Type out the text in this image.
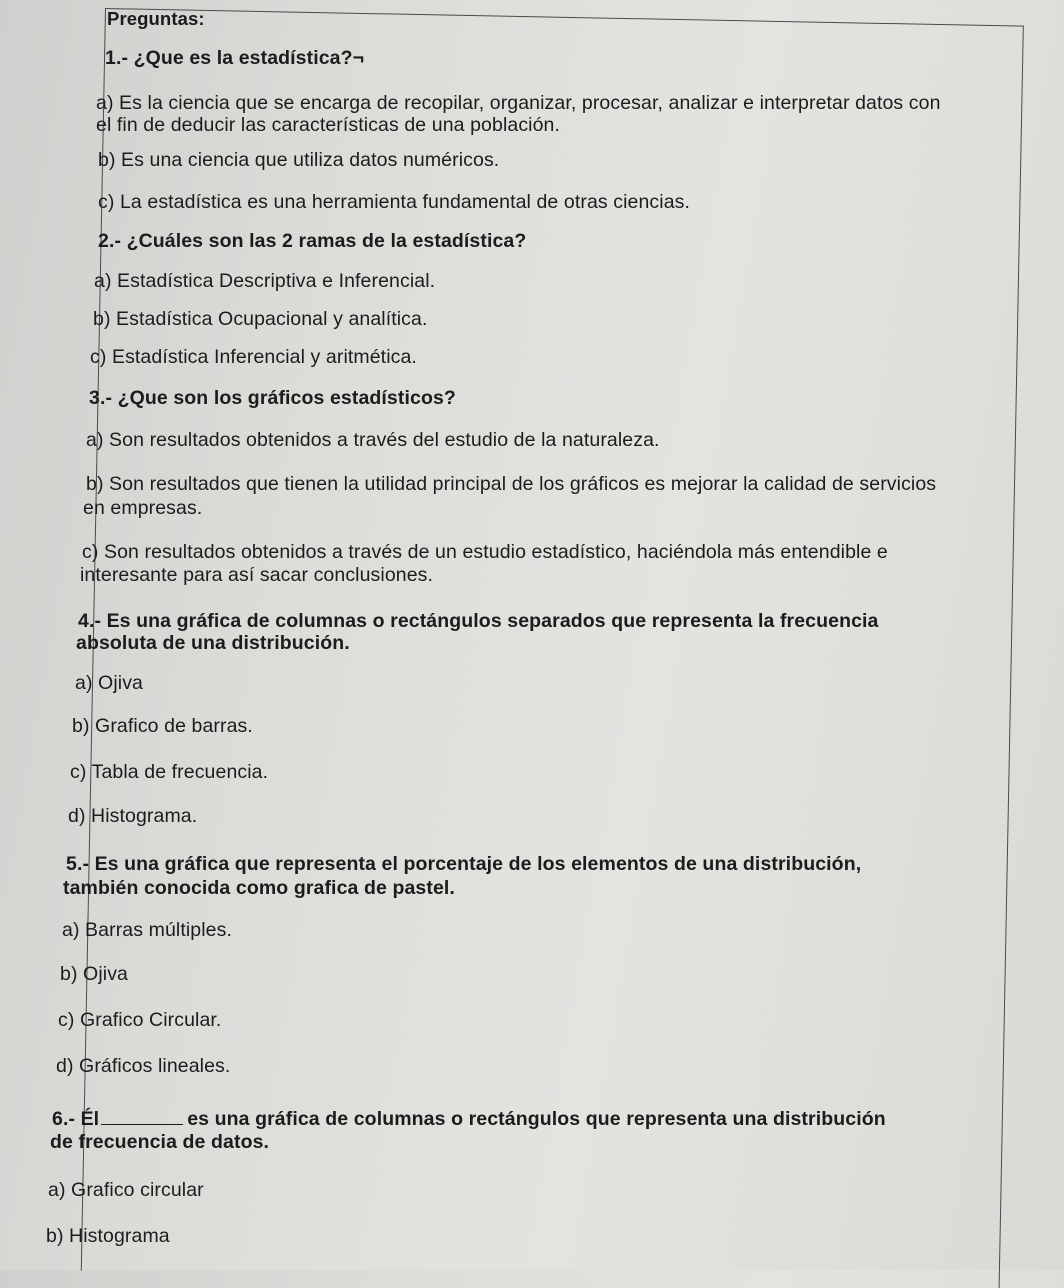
Preguntas:
1.- ¿Que es la estadística?¬
a) Es la ciencia que se encarga de recopilar, organizar, procesar, analizar e interpretar datos con
el fin de deducir las características de una población.
b) Es una ciencia que utiliza datos numéricos.
c) La estadística es una herramienta fundamental de otras ciencias.
2.- ¿Cuáles son las 2 ramas de la estadística?
a) Estadística Descriptiva e Inferencial.
b) Estadística Ocupacional y analítica.
c) Estadística Inferencial y aritmética.
3.- ¿Que son los gráficos estadísticos?
a) Son resultados obtenidos a través del estudio de la naturaleza.
b) Son resultados que tienen la utilidad principal de los gráficos es mejorar la calidad de servicios
en empresas.
c) Son resultados obtenidos a través de un estudio estadístico, haciéndola más entendible e
interesante para así sacar conclusiones.
4.- Es una gráfica de columnas o rectángulos separados que representa la frecuencia
absoluta de una distribución.
a) Ojiva
b) Grafico de barras.
c) Tabla de frecuencia.
d) Histograma.
5.- Es una gráfica que representa el porcentaje de los elementos de una distribución,
también conocida como grafica de pastel.
a) Barras múltiples.
b) Ojiva
c) Grafico Circular.
d) Gráficos lineales.
6.- Él	es una gráfica de columnas o rectángulos que representa una distribución
de frecuencia de datos.
a) Grafico circular
b) Histograma
